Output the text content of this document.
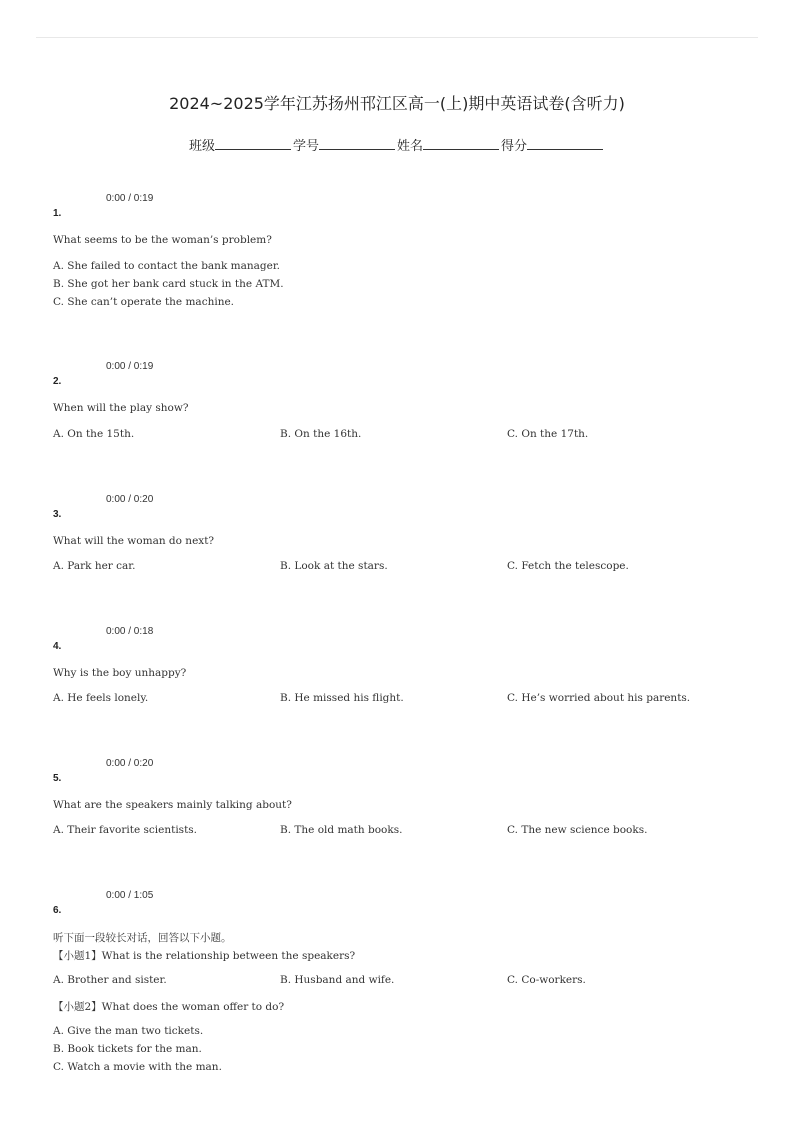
2024~2025学年江苏扬州邗江区高一(上)期中英语试卷(含听力)
班级	学号	姓名	得分
0:00 / 0:19
1.
What seems to be the woman’s problem?
A. She failed to contact the bank manager.
B. She got her bank card stuck in the ATM.
C. She can’t operate the machine.
0:00 / 0:19
2.
When will the play show?
A. On the 15th.	B. On the 16th.	C. On the 17th.
0:00 / 0:20
3.
What will the woman do next?
A. Park her car.	B. Look at the stars.	C. Fetch the telescope.
0:00 / 0:18
4.
Why is the boy unhappy?
A. He feels lonely.	B. He missed his flight.	C. He’s worried about his parents.
0:00 / 0:20
5.
What are the speakers mainly talking about?
A. Their favorite scientists.	B. The old math books.	C. The new science books.
0:00 / 1:05
6.
听下面一段较长对话，回答以下小题。
【小题1】What is the relationship between the speakers?
A. Brother and sister.	B. Husband and wife.	C. Co-workers.
【小题2】What does the woman offer to do?
A. Give the man two tickets.
B. Book tickets for the man.
C. Watch a movie with the man.
